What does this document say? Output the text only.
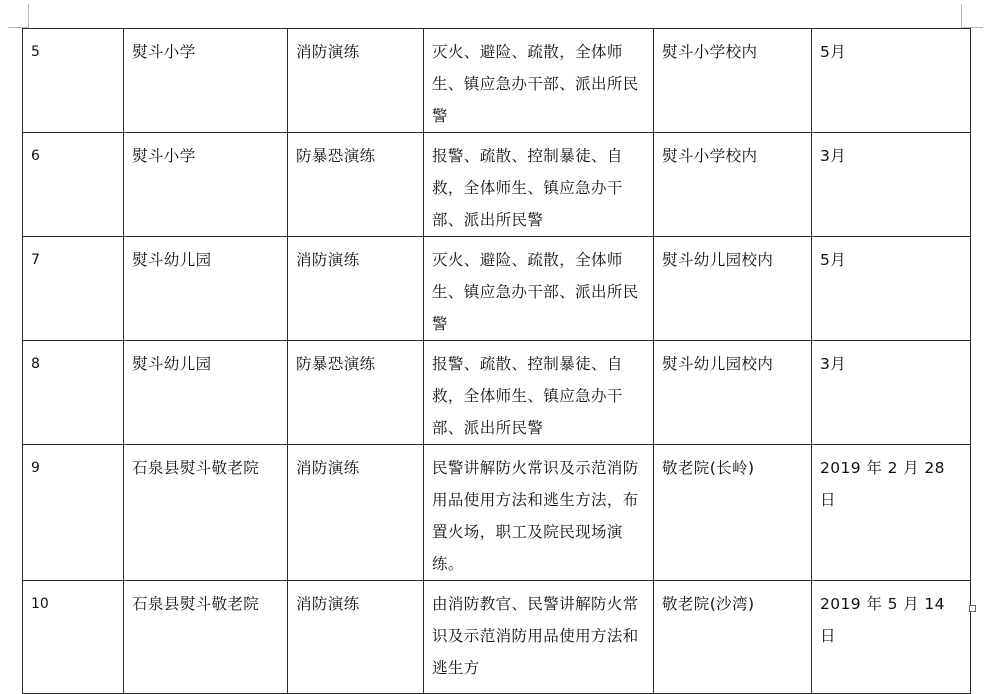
5	熨斗小学	消防演练	灭火、避险、疏散，全体师生、镇应急办干部、派出所民警	熨斗小学校内	5月
6	熨斗小学	防暴恐演练	报警、疏散、控制暴徒、自救，全体师生、镇应急办干部、派出所民警	熨斗小学校内	3月
7	熨斗幼儿园	消防演练	灭火、避险、疏散，全体师生、镇应急办干部、派出所民警	熨斗幼儿园校内	5月
8	熨斗幼儿园	防暴恐演练	报警、疏散、控制暴徒、自救，全体师生、镇应急办干部、派出所民警	熨斗幼儿园校内	3月
9	石泉县熨斗敬老院	消防演练	民警讲解防火常识及示范消防用品使用方法和逃生方法，布置火场，职工及院民现场演练。	敬老院(长岭)	2019 年 2 月 28 日
10	石泉县熨斗敬老院	消防演练	由消防教官、民警讲解防火常识及示范消防用品使用方法和逃生方	敬老院(沙湾)	2019 年 5 月 14 日
